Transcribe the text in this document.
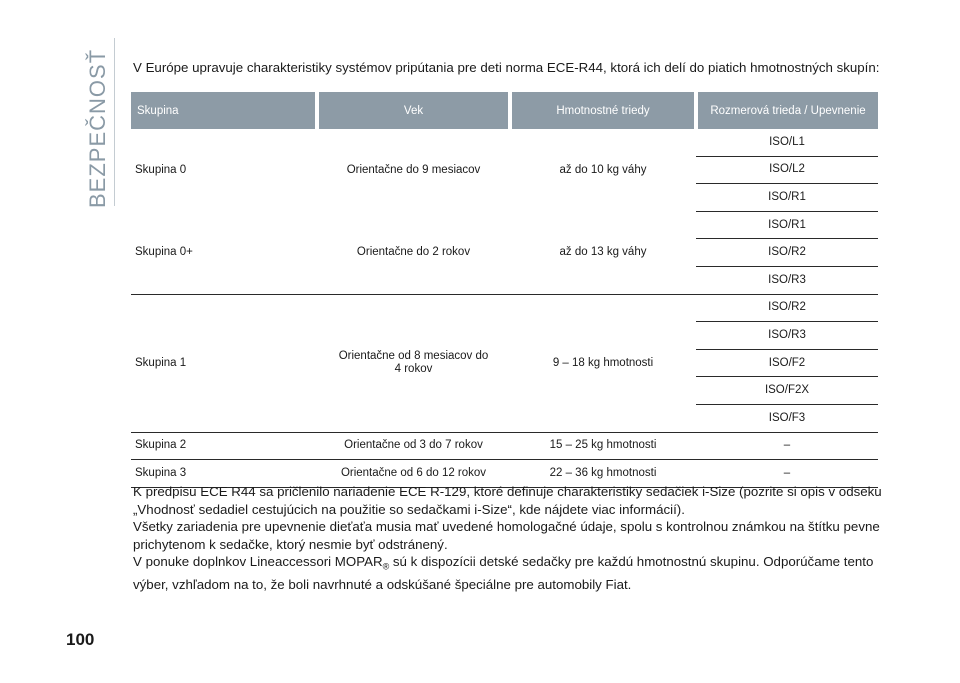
BEZPEČNOSŤ V Európe upravuje charakteristiky systémov pripútania pre deti norma ECE-R44, ktorá ich delí do piatich hmotnostných skupín:
Skupina	Vek	Hmotnostné triedy	Rozmerová trieda / Upevnenie
Skupina 0	Orientačne do 9 mesiacov	až do 10 kg váhy	ISO/L1
			ISO/L2
			ISO/R1
Skupina 0+	Orientačne do 2 rokov	až do 13 kg váhy	ISO/R1
			ISO/R2
			ISO/R3
Skupina 1	Orientačne od 8 mesiacov do 4 rokov	9 – 18 kg hmotnosti	ISO/R2
			ISO/R3
			ISO/F2
			ISO/F2X
			ISO/F3
Skupina 2	Orientačne od 3 do 7 rokov	15 – 25 kg hmotnosti	–
Skupina 3	Orientačne od 6 do 12 rokov	22 – 36 kg hmotnosti	–

K predpisu ECE R44 sa pričlenilo nariadenie ECE R-129, ktoré definuje charakteristiky sedačiek i-Size (pozrite si opis v odseku „Vhodnosť sedadiel cestujúcich na použitie so sedačkami i-Size“, kde nájdete viac informácií).

Všetky zariadenia pre upevnenie dieťaťa musia mať uvedené homologačné údaje, spolu s kontrolnou známkou na štítku pevne prichytenom k sedačke, ktorý nesmie byť odstránený.

V ponuke doplnkov Lineaccessori $MOPAR_®$ sú k dispozícii detské sedačky pre každú hmotnostnú skupinu. Odporúčame tento výber, vzhľadom na to, že boli navrhnuté a odskúšané špeciálne pre automobily Fiat.

100
